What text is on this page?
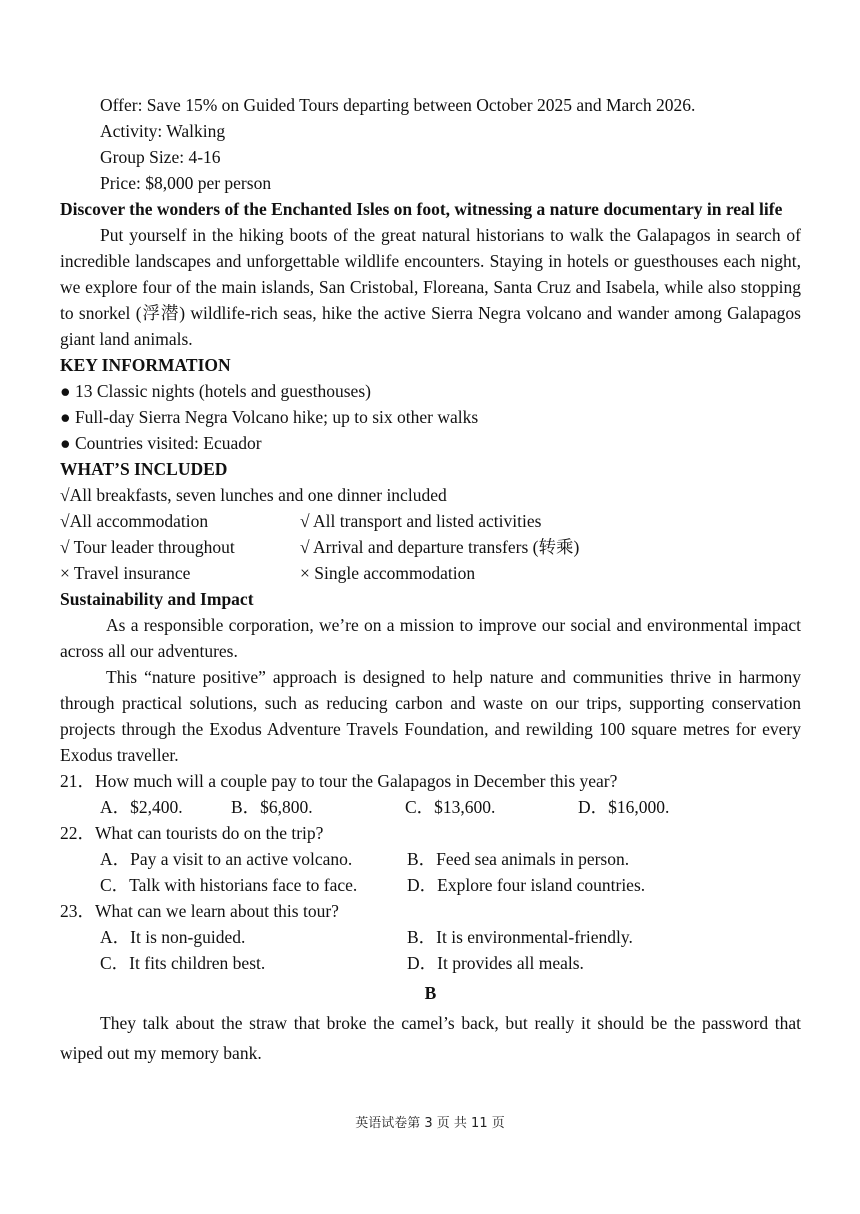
Offer: Save 15% on Guided Tours departing between October 2025 and March 2026.
Activity: Walking
Group Size: 4-16
Price: $8,000 per person
Discover the wonders of the Enchanted Isles on foot, witnessing a nature documentary in real life
Put yourself in the hiking boots of the great natural historians to walk the Galapagos in search of incredible landscapes and unforgettable wildlife encounters. Staying in hotels or guesthouses each night, we explore four of the main islands, San Cristobal, Floreana, Santa Cruz and Isabela, while also stopping to snorkel (浮潜) wildlife-rich seas, hike the active Sierra Negra volcano and wander among Galapagos giant land animals.
KEY INFORMATION
● 13 Classic nights (hotels and guesthouses)
● Full-day Sierra Negra Volcano hike; up to six other walks
● Countries visited: Ecuador
WHAT’S INCLUDED
√All breakfasts, seven lunches and one dinner included
√All accommodation	√ All transport and listed activities
√ Tour leader throughout	√ Arrival and departure transfers (转乘)
× Travel insurance	× Single accommodation
Sustainability and Impact
As a responsible corporation, we’re on a mission to improve our social and environmental impact across all our adventures.
This “nature positive” approach is designed to help nature and communities thrive in harmony through practical solutions, such as reducing carbon and waste on our trips, supporting conservation projects through the Exodus Adventure Travels Foundation, and rewilding 100 square metres for every Exodus traveller.
21．How much will a couple pay to tour the Galapagos in December this year?
A．$2,400.	B．$6,800.	C．$13,600.	D．$16,000.
22．What can tourists do on the trip?
A．Pay a visit to an active volcano.	B．Feed sea animals in person.
C．Talk with historians face to face.	D．Explore four island countries.
23．What can we learn about this tour?
A．It is non-guided.	B．It is environmental-friendly.
C．It fits children best.	D．It provides all meals.
B
They talk about the straw that broke the camel’s back, but really it should be the password that wiped out my memory bank.
英语试卷第 3 页 共 11 页
